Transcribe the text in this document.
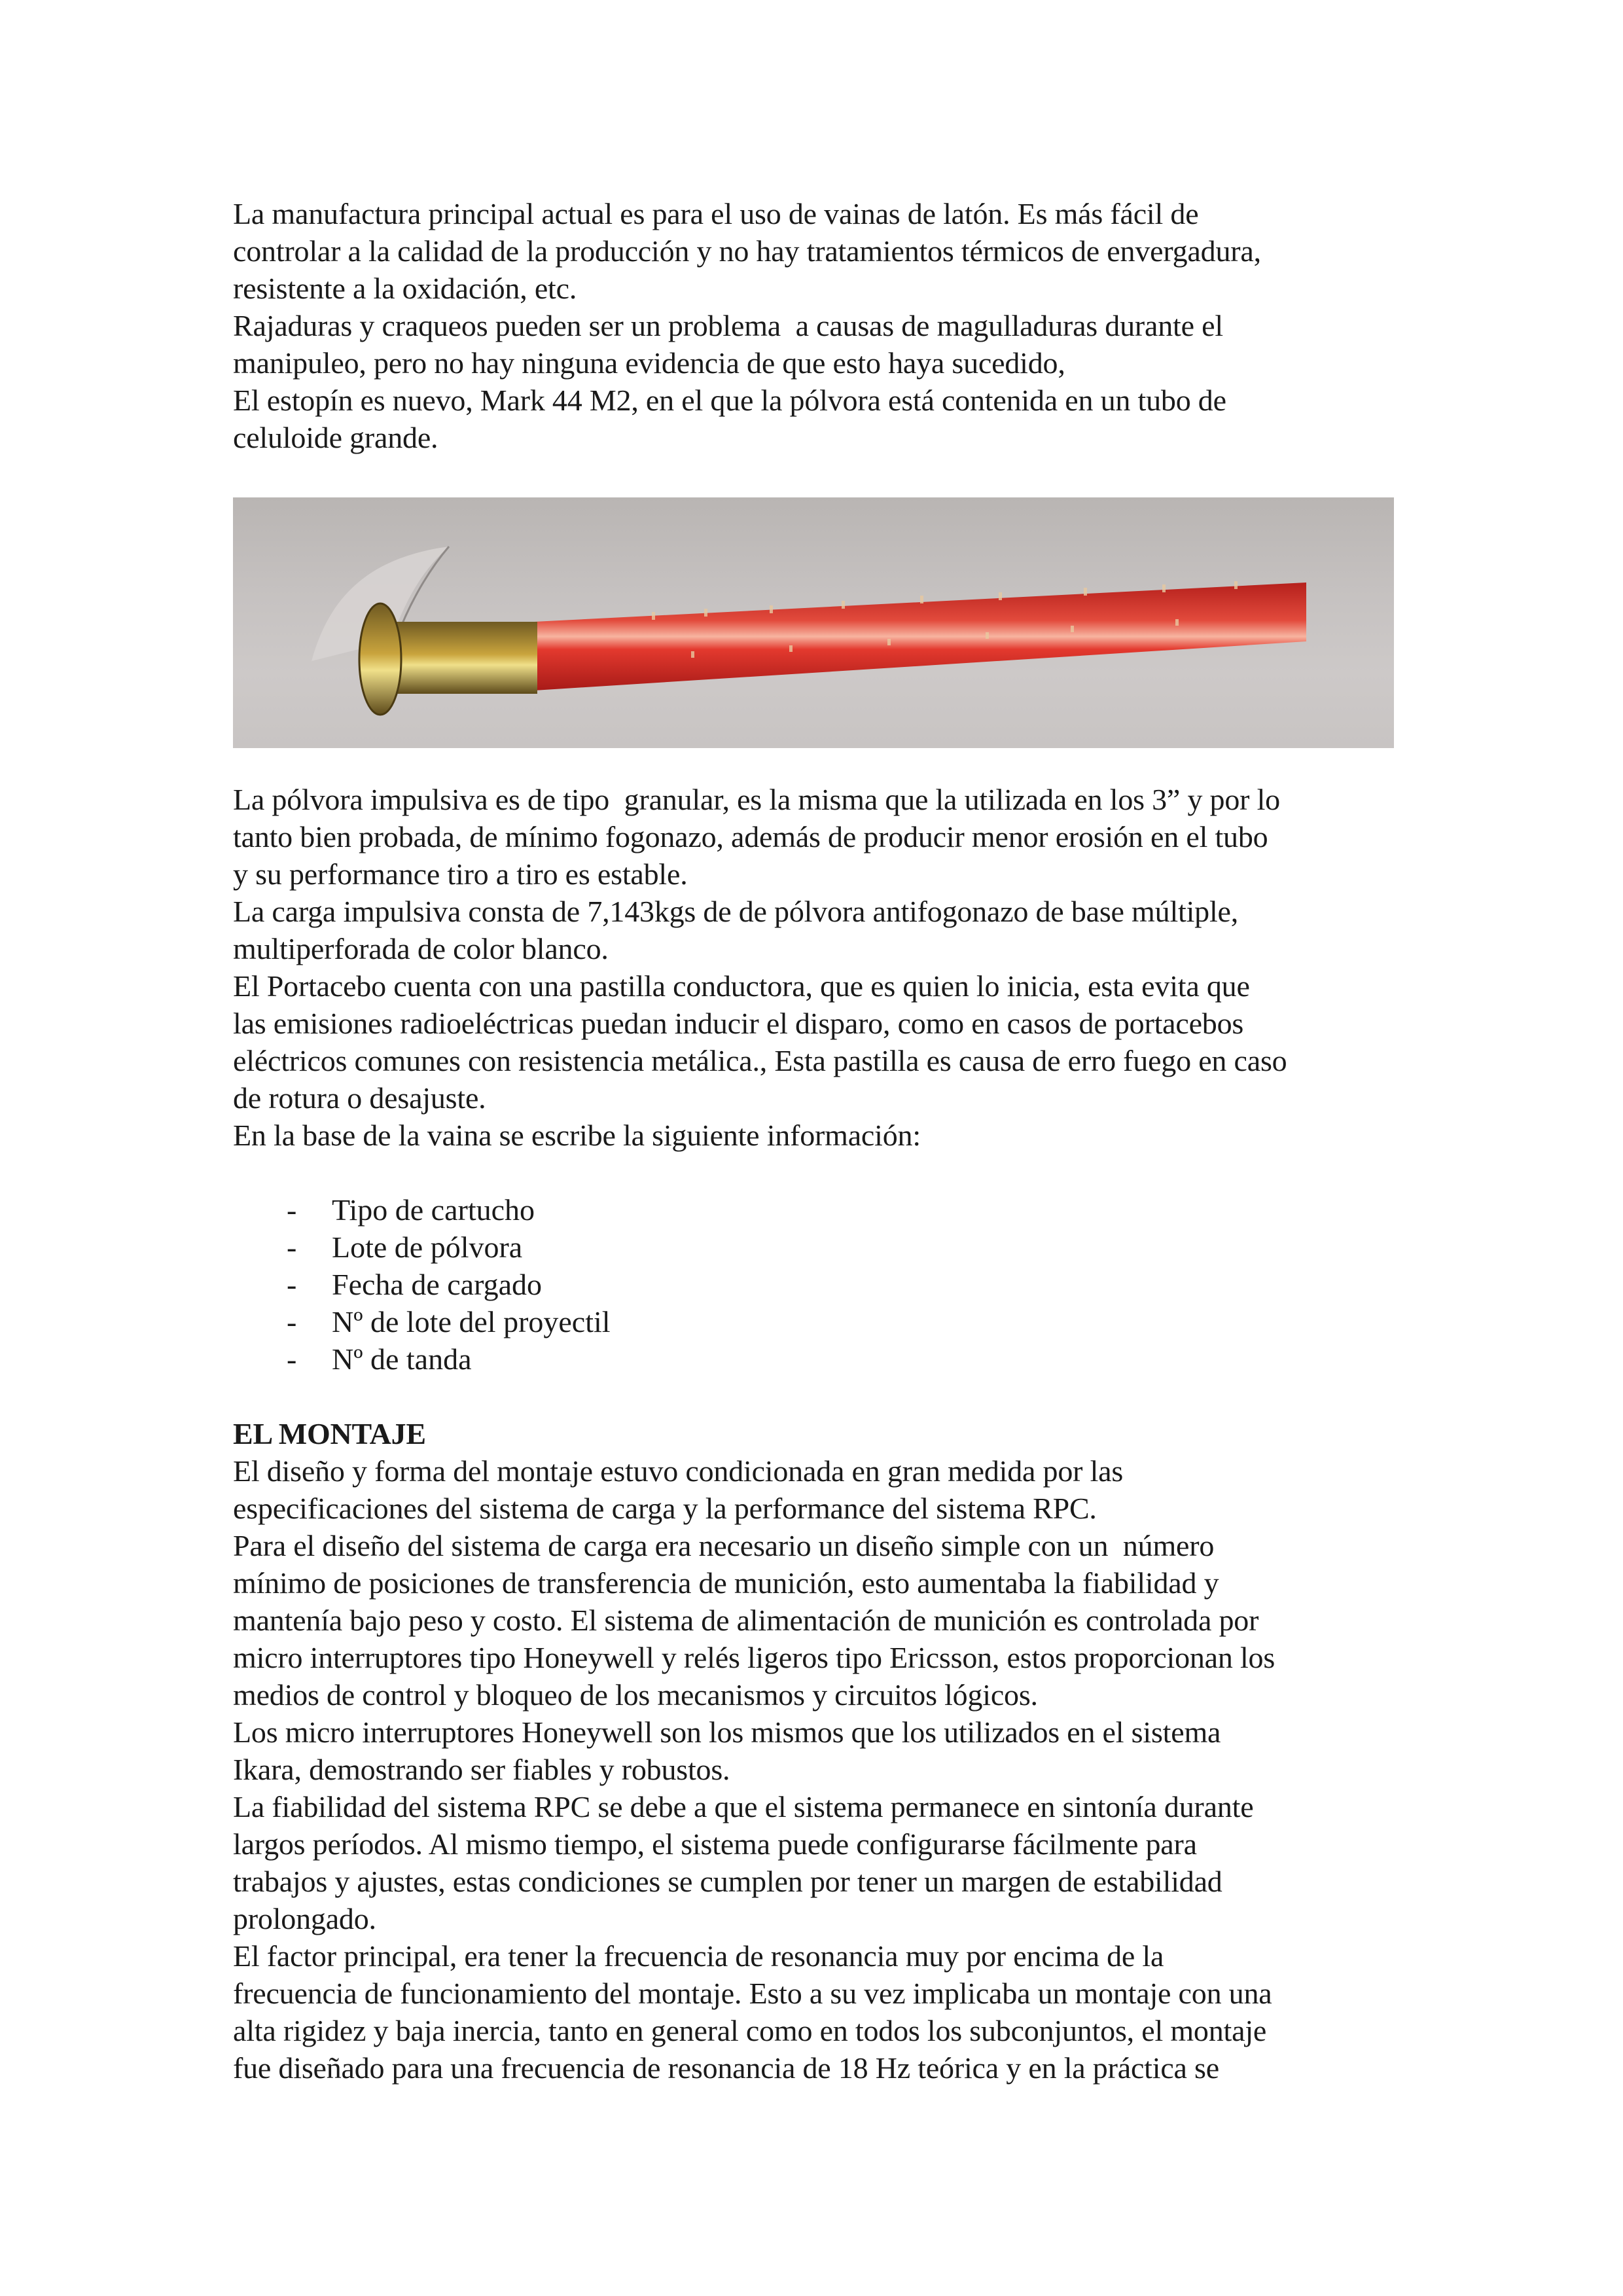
La manufactura principal actual es para el uso de vainas de latón. Es más fácil de
controlar a la calidad de la producción y no hay tratamientos térmicos de envergadura,
resistente a la oxidación, etc.
Rajaduras y craqueos pueden ser un problema  a causas de magulladuras durante el
manipuleo, pero no hay ninguna evidencia de que esto haya sucedido,
El estopín es nuevo, Mark 44 M2, en el que la pólvora está contenida en un tubo de
celuloide grande.
La pólvora impulsiva es de tipo  granular, es la misma que la utilizada en los 3” y por lo
tanto bien probada, de mínimo fogonazo, además de producir menor erosión en el tubo
y su performance tiro a tiro es estable.
La carga impulsiva consta de 7,143kgs de de pólvora antifogonazo de base múltiple,
multiperforada de color blanco.
El Portacebo cuenta con una pastilla conductora, que es quien lo inicia, esta evita que
las emisiones radioeléctricas puedan inducir el disparo, como en casos de portacebos
eléctricos comunes con resistencia metálica., Esta pastilla es causa de erro fuego en caso
de rotura o desajuste.
En la base de la vaina se escribe la siguiente información:
- Tipo de cartucho
- Lote de pólvora
- Fecha de cargado
- Nº de lote del proyectil
- Nº de tanda
EL MONTAJE
El diseño y forma del montaje estuvo condicionada en gran medida por las
especificaciones del sistema de carga y la performance del sistema RPC.
Para el diseño del sistema de carga era necesario un diseño simple con un  número
mínimo de posiciones de transferencia de munición, esto aumentaba la fiabilidad y
mantenía bajo peso y costo. El sistema de alimentación de munición es controlada por
micro interruptores tipo Honeywell y relés ligeros tipo Ericsson, estos proporcionan los
medios de control y bloqueo de los mecanismos y circuitos lógicos.
Los micro interruptores Honeywell son los mismos que los utilizados en el sistema
Ikara, demostrando ser fiables y robustos.
La fiabilidad del sistema RPC se debe a que el sistema permanece en sintonía durante
largos períodos. Al mismo tiempo, el sistema puede configurarse fácilmente para
trabajos y ajustes, estas condiciones se cumplen por tener un margen de estabilidad
prolongado.
El factor principal, era tener la frecuencia de resonancia muy por encima de la
frecuencia de funcionamiento del montaje. Esto a su vez implicaba un montaje con una
alta rigidez y baja inercia, tanto en general como en todos los subconjuntos, el montaje
fue diseñado para una frecuencia de resonancia de 18 Hz teórica y en la práctica se
